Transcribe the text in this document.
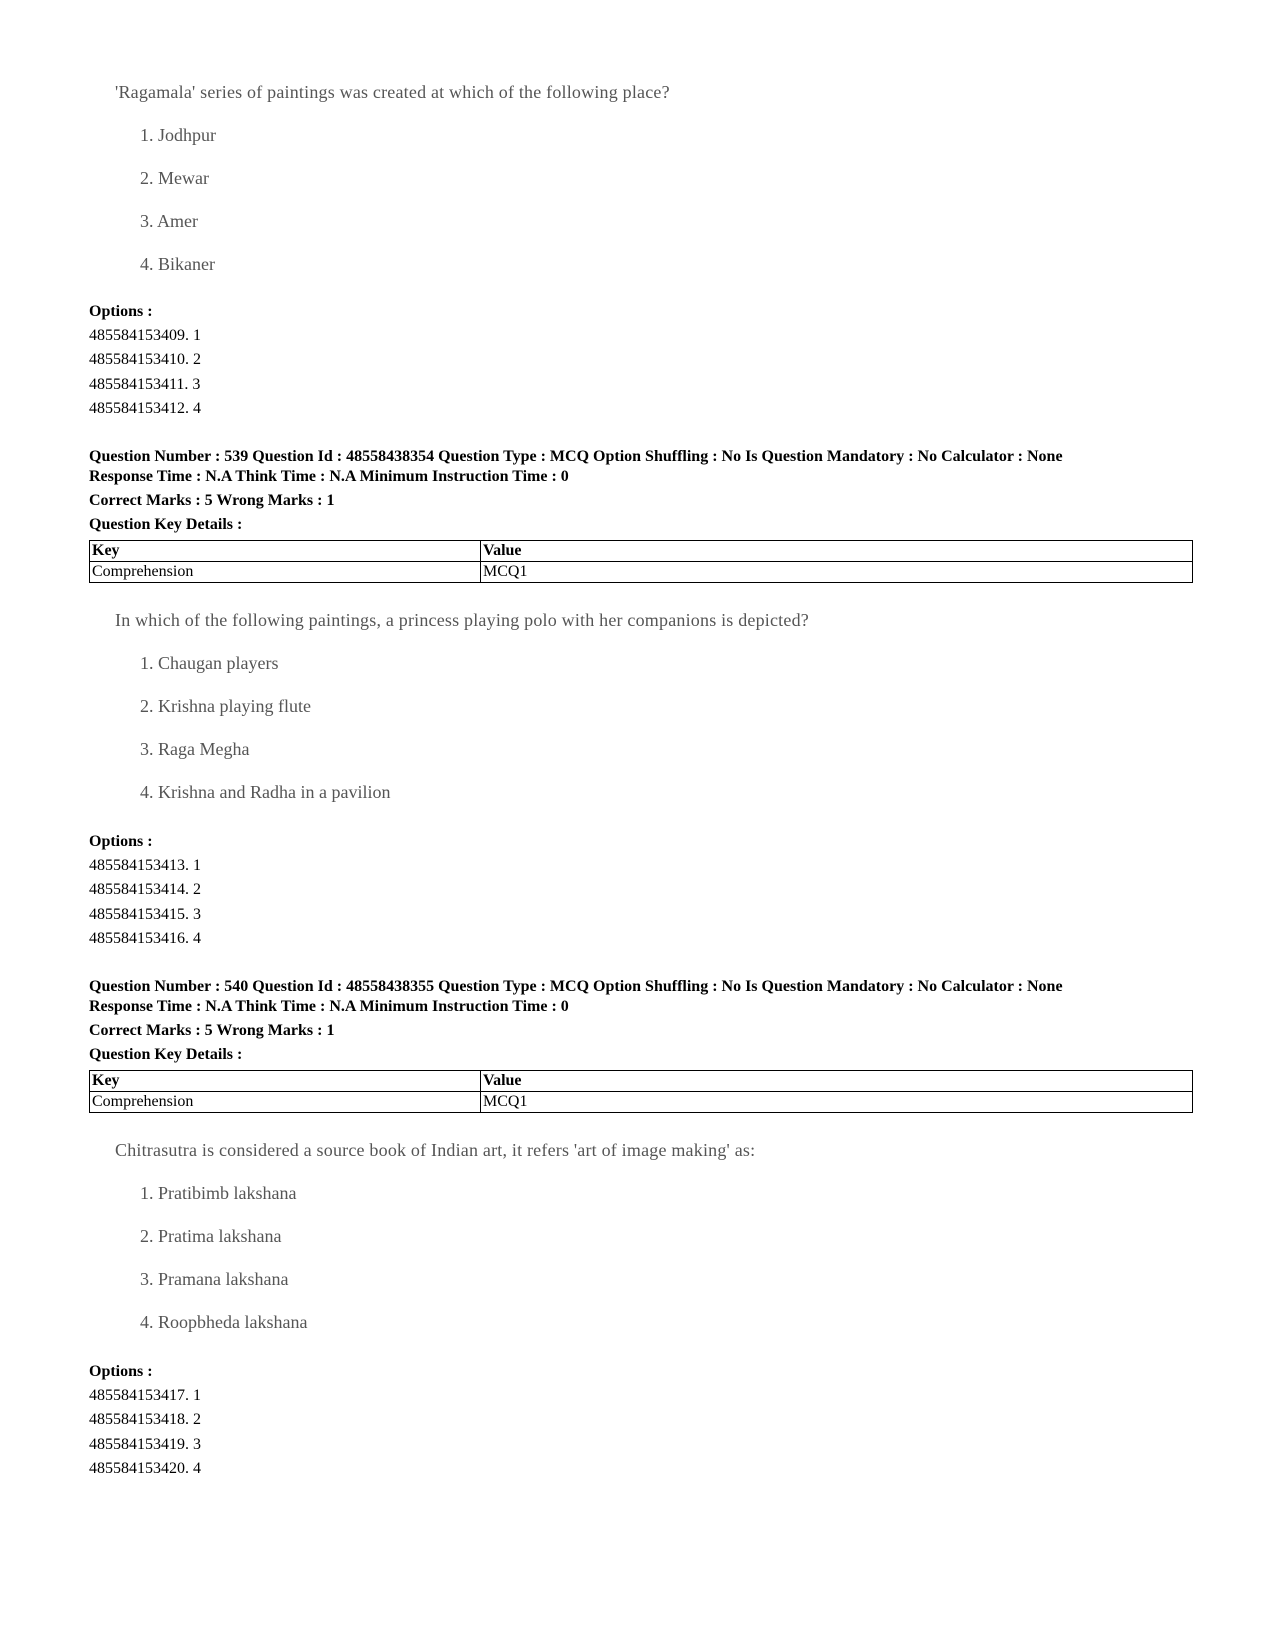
'Ragamala' series of paintings was created at which of the following place?
1. Jodhpur
2. Mewar
3. Amer
4. Bikaner
Options :
485584153409. 1
485584153410. 2
485584153411. 3
485584153412. 4
Question Number : 539 Question Id : 48558438354 Question Type : MCQ Option Shuffling : No Is Question Mandatory : No Calculator : None
Response Time : N.A Think Time : N.A Minimum Instruction Time : 0
Correct Marks : 5 Wrong Marks : 1
Question Key Details :
Key	Value
Comprehension	MCQ1
In which of the following paintings, a princess playing polo with her companions is depicted?
1. Chaugan players
2. Krishna playing flute
3. Raga Megha
4. Krishna and Radha in a pavilion
Options :
485584153413. 1
485584153414. 2
485584153415. 3
485584153416. 4
Question Number : 540 Question Id : 48558438355 Question Type : MCQ Option Shuffling : No Is Question Mandatory : No Calculator : None
Response Time : N.A Think Time : N.A Minimum Instruction Time : 0
Correct Marks : 5 Wrong Marks : 1
Question Key Details :
Key	Value
Comprehension	MCQ1
Chitrasutra is considered a source book of Indian art, it refers 'art of image making' as:
1. Pratibimb lakshana
2. Pratima lakshana
3. Pramana lakshana
4. Roopbheda lakshana
Options :
485584153417. 1
485584153418. 2
485584153419. 3
485584153420. 4
